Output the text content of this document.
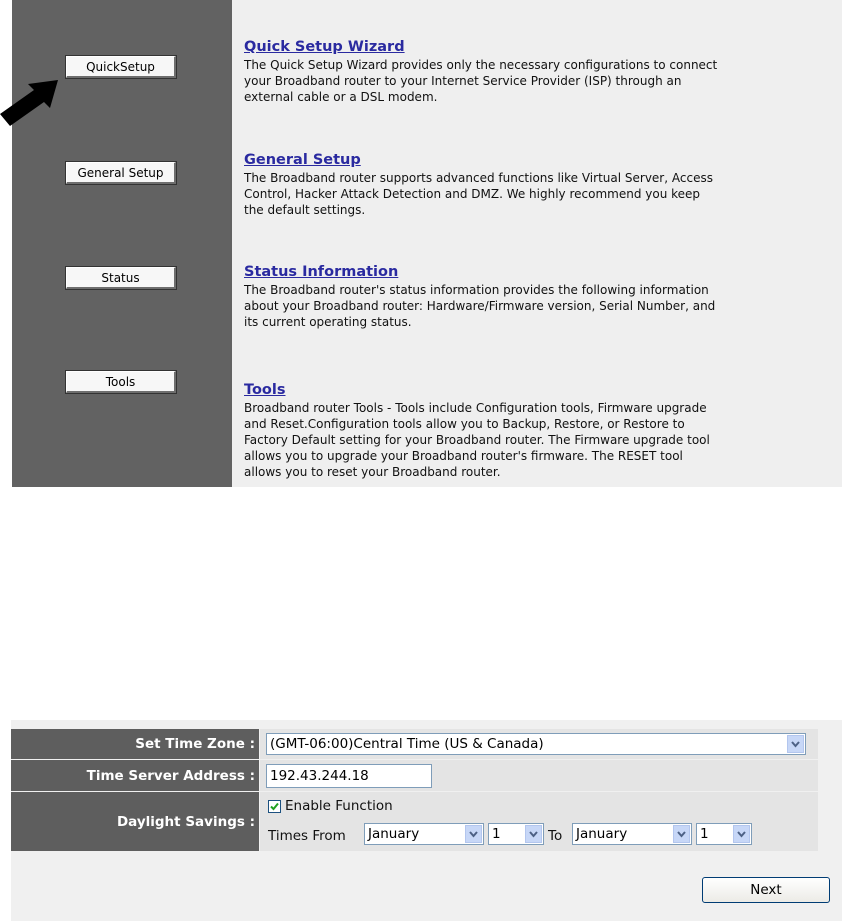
QuickSetup
General Setup
Status
Tools
Quick Setup Wizard
The Quick Setup Wizard provides only the necessary configurations to connect your Broadband router to your Internet Service Provider (ISP) through an external cable or a DSL modem.
General Setup
The Broadband router supports advanced functions like Virtual Server, Access Control, Hacker Attack Detection and DMZ. We highly recommend you keep the default settings.
Status Information
The Broadband router's status information provides the following information about your Broadband router: Hardware/Firmware version, Serial Number, and its current operating status.
Tools
Broadband router Tools - Tools include Configuration tools, Firmware upgrade and Reset.Configuration tools allow you to Backup, Restore, or Restore to Factory Default setting for your Broadband router. The Firmware upgrade tool allows you to upgrade your Broadband router's firmware. The RESET tool allows you to reset your Broadband router.
Set Time Zone : (GMT-06:00)Central Time (US & Canada)
Time Server Address : 192.43.244.18
Daylight Savings :
Enable Function
Times From January	1	To January	1
Next
